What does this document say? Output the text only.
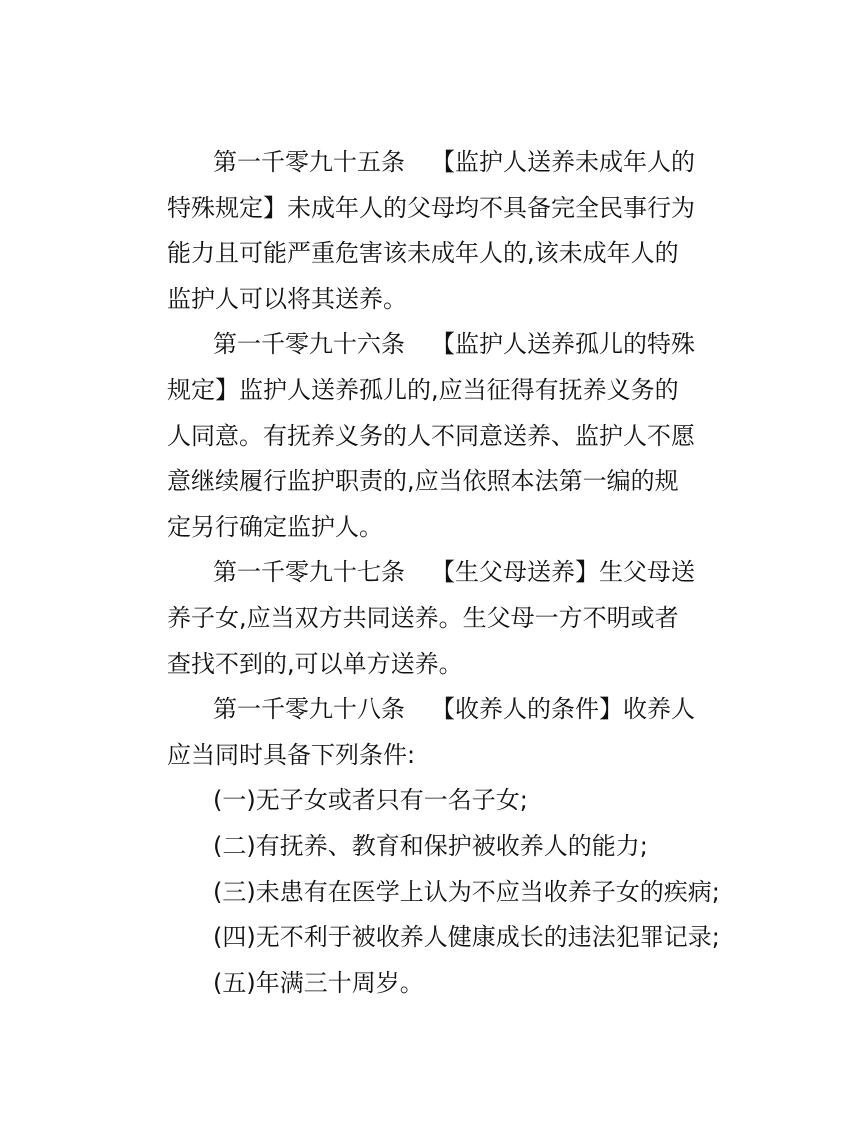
第一千零九十五条 【监护人送养未成年人的特殊规定】未成年人的父母均不具备完全民事行为能力且可能严重危害该未成年人的,该未成年人的监护人可以将其送养。

第一千零九十六条 【监护人送养孤儿的特殊规定】监护人送养孤儿的,应当征得有抚养义务的人同意。有抚养义务的人不同意送养、监护人不愿意继续履行监护职责的,应当依照本法第一编的规定另行确定监护人。

第一千零九十七条 【生父母送养】生父母送养子女,应当双方共同送养。生父母一方不明或者查找不到的,可以单方送养。

第一千零九十八条 【收养人的条件】收养人应当同时具备下列条件:

(一)无子女或者只有一名子女;

(二)有抚养、教育和保护被收养人的能力;

(三)未患有在医学上认为不应当收养子女的疾病;

(四)无不利于被收养人健康成长的违法犯罪记录;

(五)年满三十周岁。
